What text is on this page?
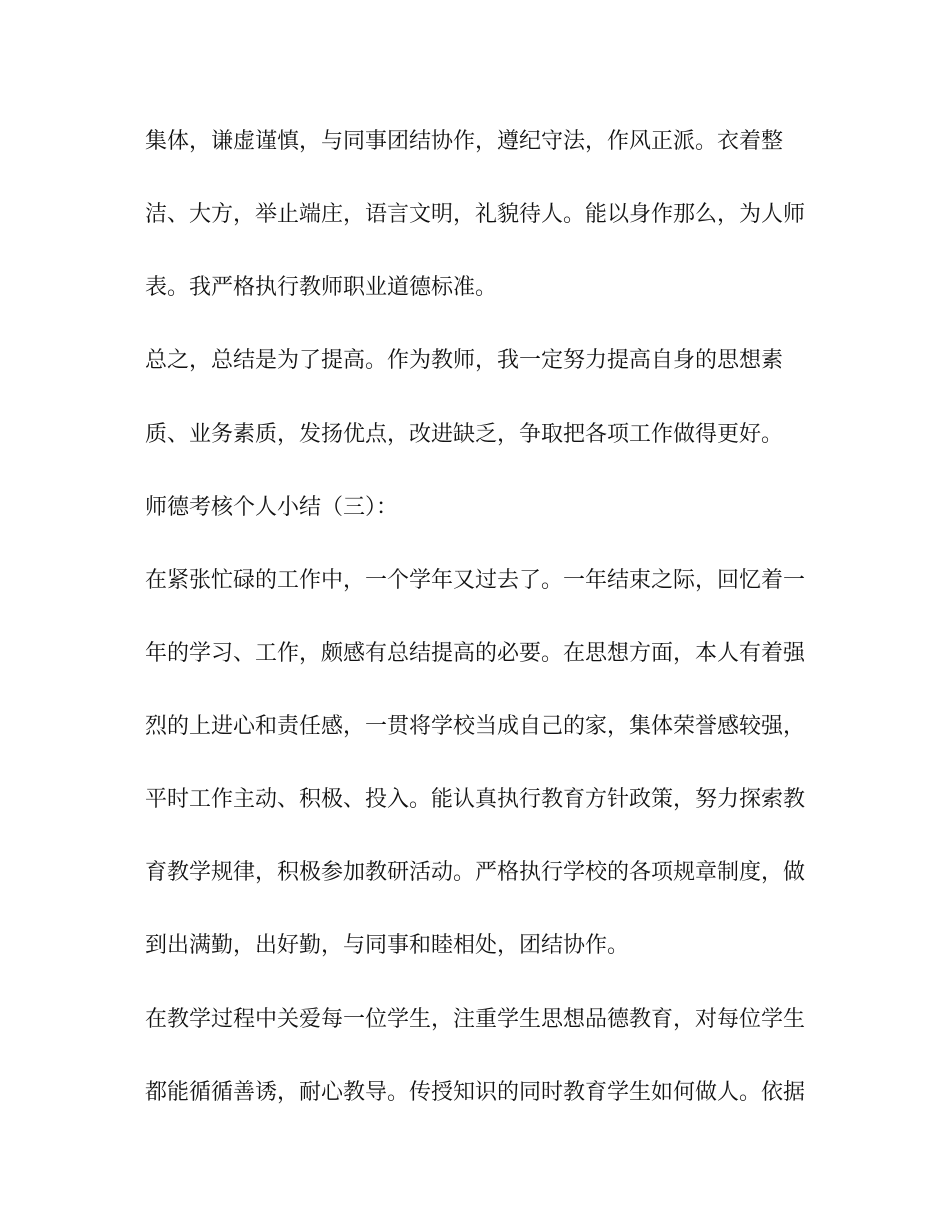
集体，谦虚谨慎，与同事团结协作，遵纪守法，作风正派。衣着整
洁、大方，举止端庄，语言文明，礼貌待人。能以身作那么，为人师
表。我严格执行教师职业道德标准。
总之，总结是为了提高。作为教师，我一定努力提高自身的思想素
质、业务素质，发扬优点，改进缺乏，争取把各项工作做得更好。
师德考核个人小结（三）：
在紧张忙碌的工作中，一个学年又过去了。一年结束之际，回忆着一
年的学习、工作，颇感有总结提高的必要。在思想方面，本人有着强
烈的上进心和责任感，一贯将学校当成自己的家，集体荣誉感较强，
平时工作主动、积极、投入。能认真执行教育方针政策，努力探索教
育教学规律，积极参加教研活动。严格执行学校的各项规章制度，做
到出满勤，出好勤，与同事和睦相处，团结协作。
在教学过程中关爱每一位学生，注重学生思想品德教育，对每位学生
都能循循善诱，耐心教导。传授知识的同时教育学生如何做人。依据
